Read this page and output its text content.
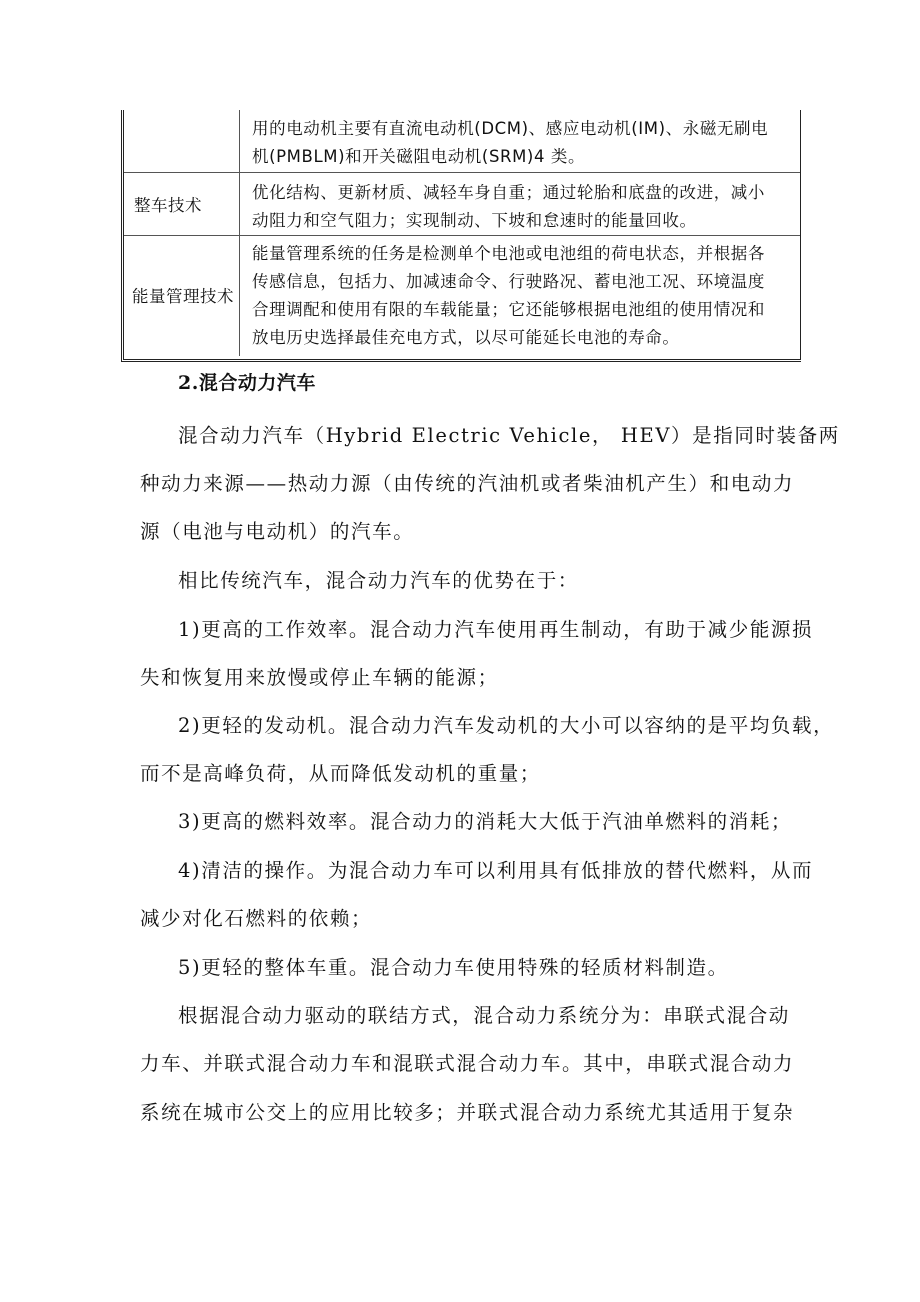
用的电动机主要有直流电动机(DCM)、感应电动机(IM)、永磁无刷电
机(PMBLM)和开关磁阻电动机(SRM)4 类。
整车技术
优化结构、更新材质、减轻车身自重；通过轮胎和底盘的改进，减小
动阻力和空气阻力；实现制动、下坡和怠速时的能量回收。
能量管理技术
能量管理系统的任务是检测单个电池或电池组的荷电状态，并根据各
传感信息，包括力、加减速命令、行驶路况、蓄电池工况、环境温度
合理调配和使用有限的车载能量；它还能够根据电池组的使用情况和
放电历史选择最佳充电方式，以尽可能延长电池的寿命。
2.混合动力汽车
混合动力汽车（Hybrid Electric Vehicle， HEV）是指同时装备两
种动力来源——热动力源（由传统的汽油机或者柴油机产生）和电动力
源（电池与电动机）的汽车。
相比传统汽车，混合动力汽车的优势在于：
1)更高的工作效率。混合动力汽车使用再生制动，有助于减少能源损
失和恢复用来放慢或停止车辆的能源；
2)更轻的发动机。混合动力汽车发动机的大小可以容纳的是平均负载，
而不是高峰负荷，从而降低发动机的重量；
3)更高的燃料效率。混合动力的消耗大大低于汽油单燃料的消耗；
4)清洁的操作。为混合动力车可以利用具有低排放的替代燃料，从而
减少对化石燃料的依赖；
5)更轻的整体车重。混合动力车使用特殊的轻质材料制造。
根据混合动力驱动的联结方式，混合动力系统分为：串联式混合动
力车、并联式混合动力车和混联式混合动力车。其中，串联式混合动力
系统在城市公交上的应用比较多；并联式混合动力系统尤其适用于复杂
